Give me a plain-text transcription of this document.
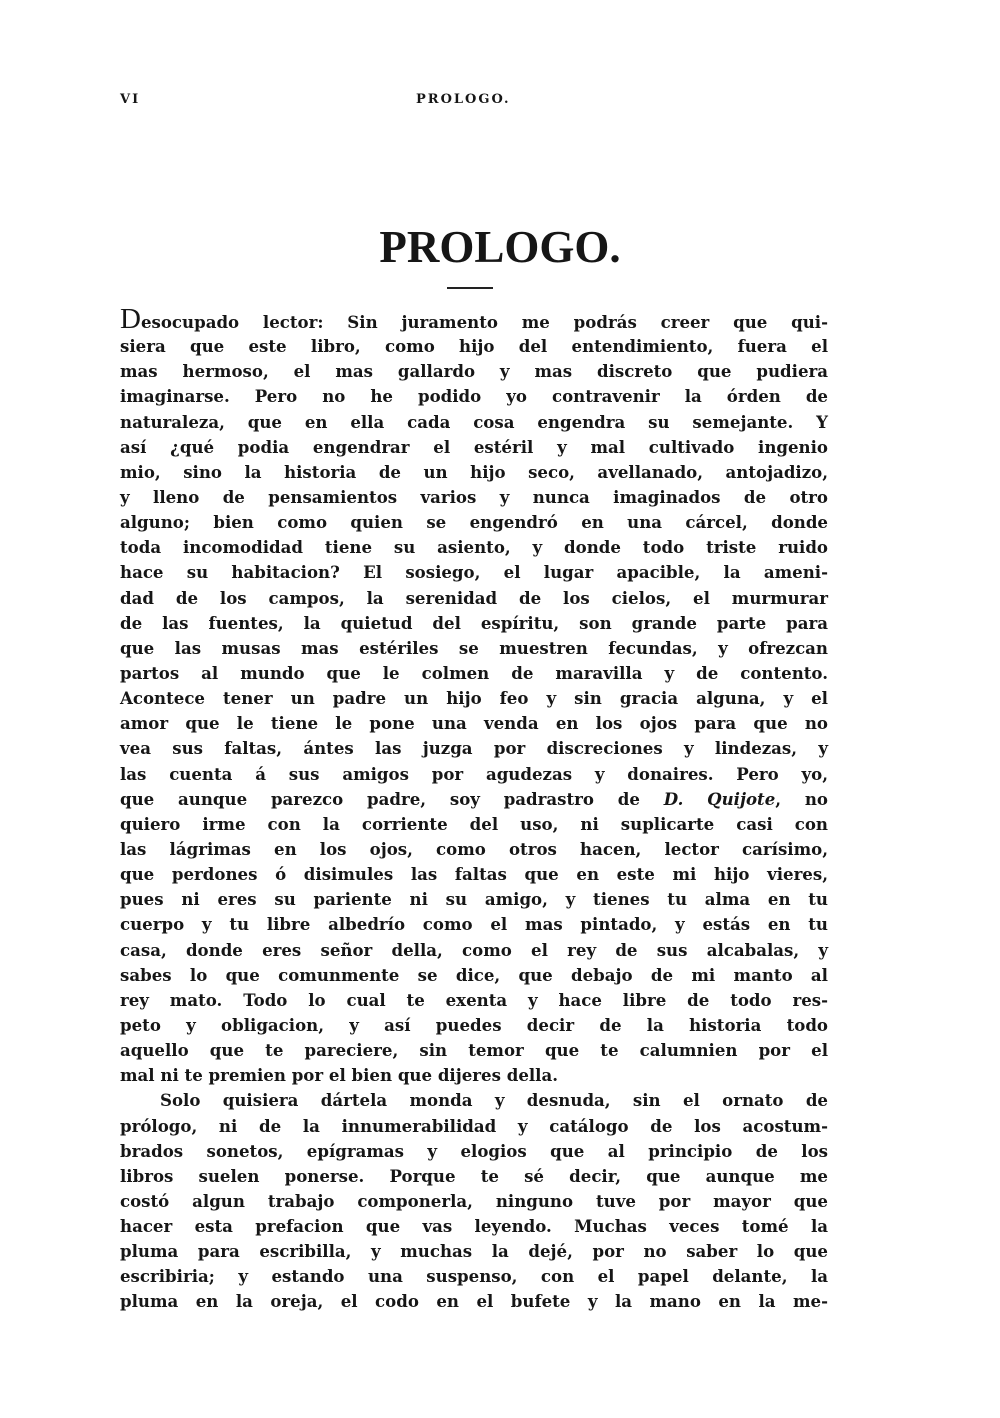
VI	PROLOGO.
PROLOGO.
Desocupado lector: Sin juramento me podrás creer que qui-
siera que este libro, como hijo del entendimiento, fuera el
mas hermoso, el mas gallardo y mas discreto que pudiera
imaginarse. Pero no he podido yo contravenir la órden de
naturaleza, que en ella cada cosa engendra su semejante. Y
así ¿qué podia engendrar el estéril y mal cultivado ingenio
mio, sino la historia de un hijo seco, avellanado, antojadizo,
y lleno de pensamientos varios y nunca imaginados de otro
alguno; bien como quien se engendró en una cárcel, donde
toda incomodidad tiene su asiento, y donde todo triste ruido
hace su habitacion? El sosiego, el lugar apacible, la ameni-
dad de los campos, la serenidad de los cielos, el murmurar
de las fuentes, la quietud del espíritu, son grande parte para
que las musas mas estériles se muestren fecundas, y ofrezcan
partos al mundo que le colmen de maravilla y de contento.
Acontece tener un padre un hijo feo y sin gracia alguna, y el
amor que le tiene le pone una venda en los ojos para que no
vea sus faltas, ántes las juzga por discreciones y lindezas, y
las cuenta á sus amigos por agudezas y donaires. Pero yo,
que aunque parezco padre, soy padrastro de D. Quijote, no
quiero irme con la corriente del uso, ni suplicarte casi con
las lágrimas en los ojos, como otros hacen, lector carísimo,
que perdones ó disimules las faltas que en este mi hijo vieres,
pues ni eres su pariente ni su amigo, y tienes tu alma en tu
cuerpo y tu libre albedrío como el mas pintado, y estás en tu
casa, donde eres señor della, como el rey de sus alcabalas, y
sabes lo que comunmente se dice, que debajo de mi manto al
rey mato. Todo lo cual te exenta y hace libre de todo res-
peto y obligacion, y así puedes decir de la historia todo
aquello que te pareciere, sin temor que te calumnien por el
mal ni te premien por el bien que dijeres della.
Solo quisiera dártela monda y desnuda, sin el ornato de
prólogo, ni de la innumerabilidad y catálogo de los acostum-
brados sonetos, epígramas y elogios que al principio de los
libros suelen ponerse. Porque te sé decir, que aunque me
costó algun trabajo componerla, ninguno tuve por mayor que
hacer esta prefacion que vas leyendo. Muchas veces tomé la
pluma para escribilla, y muchas la dejé, por no saber lo que
escribiria; y estando una suspenso, con el papel delante, la
pluma en la oreja, el codo en el bufete y la mano en la me-
